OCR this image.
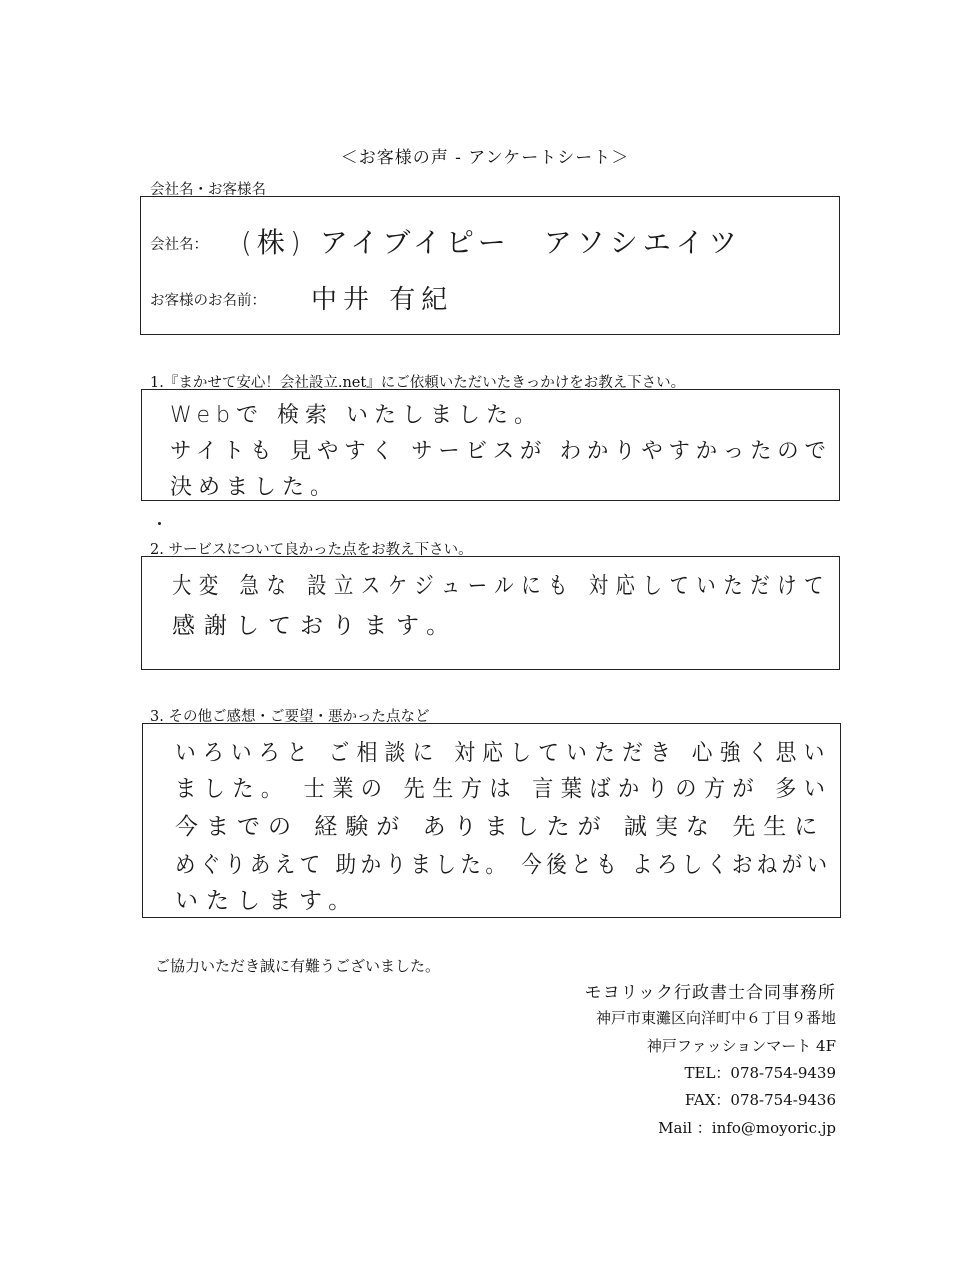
＜お客様の声 - アンケートシート＞
会社名・お客様名
会社名： (株) アイブイピー　アソシエイツ
お客様のお名前： 中井 有紀
1.『まかせて安心！会社設立.net』にご依頼いただいたきっかけをお教え下さい。
Webで 検索 いたしました。
サイトも 見やすく サービスが わかりやすかったので
決めました。
2. サービスについて良かった点をお教え下さい。
大変 急な 設立スケジュールにも 対応していただけて
感謝しております。
3. その他ご感想・ご要望・悪かった点など
いろいろと ご相談に 対応していただき 心強く思い
ました。 士業の 先生方は 言葉ばかりの方が 多い
今までの 経験が ありましたが 誠実な 先生に
めぐりあえて 助かりました。 今後とも よろしくおねがい
いたします。
ご協力いただき誠に有難うございました。
モヨリック行政書士合同事務所
神戸市東灘区向洋町中６丁目９番地
神戸ファッションマート 4F
TEL：078-754-9439
FAX：078-754-9436
Mail ：info@moyoric.jp
